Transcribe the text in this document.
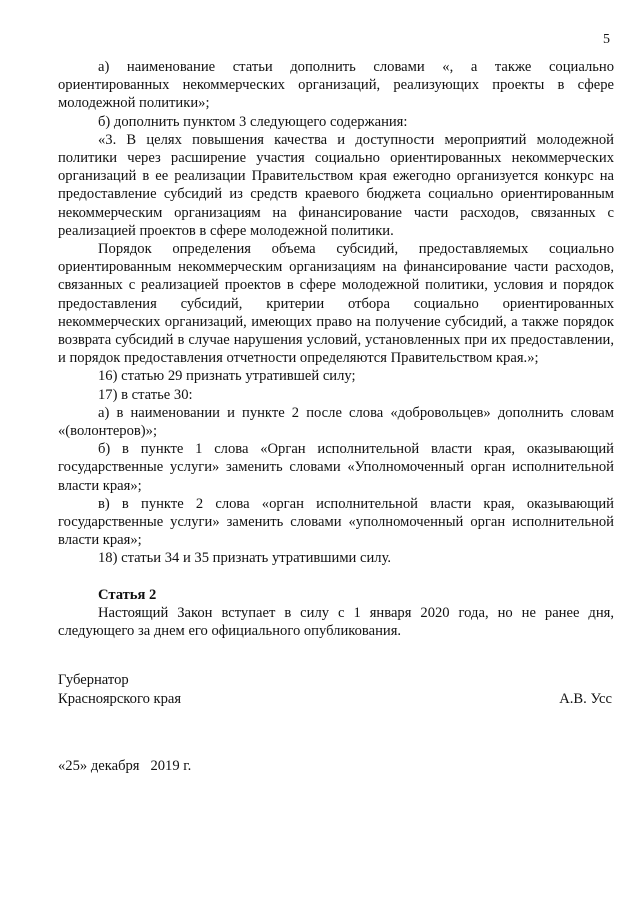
5

а) наименование статьи дополнить словами «, а также социально ориентированных некоммерческих организаций, реализующих проекты в сфере молодежной политики»;

б) дополнить пунктом 3 следующего содержания:

«3. В целях повышения качества и доступности мероприятий молодежной политики через расширение участия социально ориентированных некоммерческих организаций в ее реализации Правительством края ежегодно организуется конкурс на предоставление субсидий из средств краевого бюджета социально ориентированным некоммерческим организациям на финансирование части расходов, связанных с реализацией проектов в сфере молодежной политики.

Порядок определения объема субсидий, предоставляемых социально ориентированным некоммерческим организациям на финансирование части расходов, связанных с реализацией проектов в сфере молодежной политики, условия и порядок предоставления субсидий, критерии отбора социально ориентированных некоммерческих организаций, имеющих право на получение субсидий, а также порядок возврата субсидий в случае нарушения условий, установленных при их предоставлении, и порядок предоставления отчетности определяются Правительством края.»;

16) статью 29 признать утратившей силу;

17) в статье 30:

а) в наименовании и пункте 2 после слова «добровольцев» дополнить словам «(волонтеров)»;

б) в пункте 1 слова «Орган исполнительной власти края, оказывающий государственные услуги» заменить словами «Уполномоченный орган исполнительной власти края»;

в) в пункте 2 слова «орган исполнительной власти края, оказывающий государственные услуги» заменить словами «уполномоченный орган исполнительной власти края»;

18) статьи 34 и 35 признать утратившими силу.

Статья 2

Настоящий Закон вступает в силу с 1 января 2020 года, но не ранее дня, следующего за днем его официального опубликования.

Губернатор
Красноярского края	А.В. Усс
«25» декабря   2019 г.
